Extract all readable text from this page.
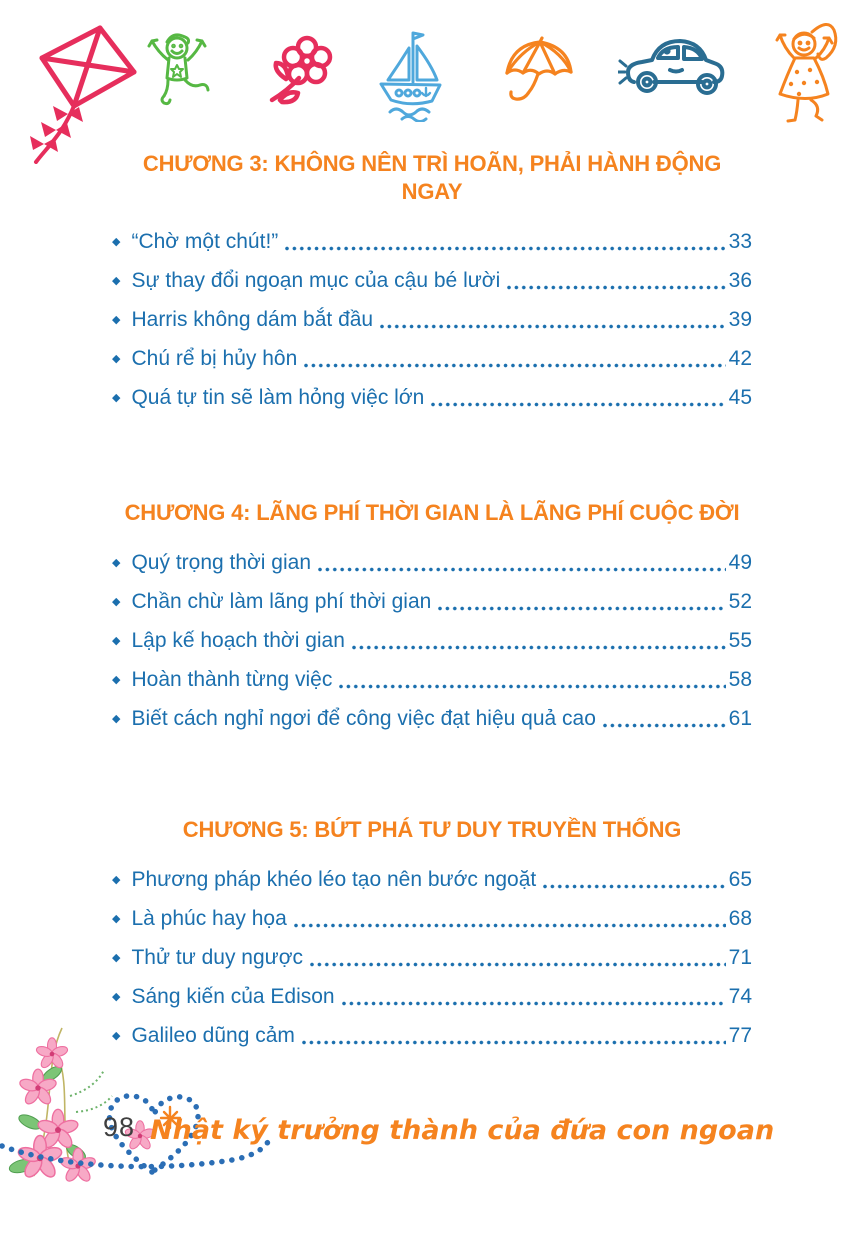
CHƯƠNG 3: KHÔNG NÊN TRÌ HOÃN, PHẢI HÀNH ĐỘNG NGAY
◆ “Chờ một chút!”	33
◆ Sự thay đổi ngoạn mục của cậu bé lười	36
◆ Harris không dám bắt đầu	39
◆ Chú rể bị hủy hôn	42
◆ Quá tự tin sẽ làm hỏng việc lớn	45
CHƯƠNG 4: LÃNG PHÍ THỜI GIAN LÀ LÃNG PHÍ CUỘC ĐỜI
◆ Quý trọng thời gian	49
◆ Chần chừ làm lãng phí thời gian	52
◆ Lập kế hoạch thời gian	55
◆ Hoàn thành từng việc	58
◆ Biết cách nghỉ ngơi để công việc đạt hiệu quả cao	61
CHƯƠNG 5: BỨT PHÁ TƯ DUY TRUYỀN THỐNG
◆ Phương pháp khéo léo tạo nên bước ngoặt	65
◆ Là phúc hay họa	68
◆ Thử tư duy ngược	71
◆ Sáng kiến của Edison	74
◆ Galileo dũng cảm	77
98 Nhật ký trưởng thành của đứa con ngoan
